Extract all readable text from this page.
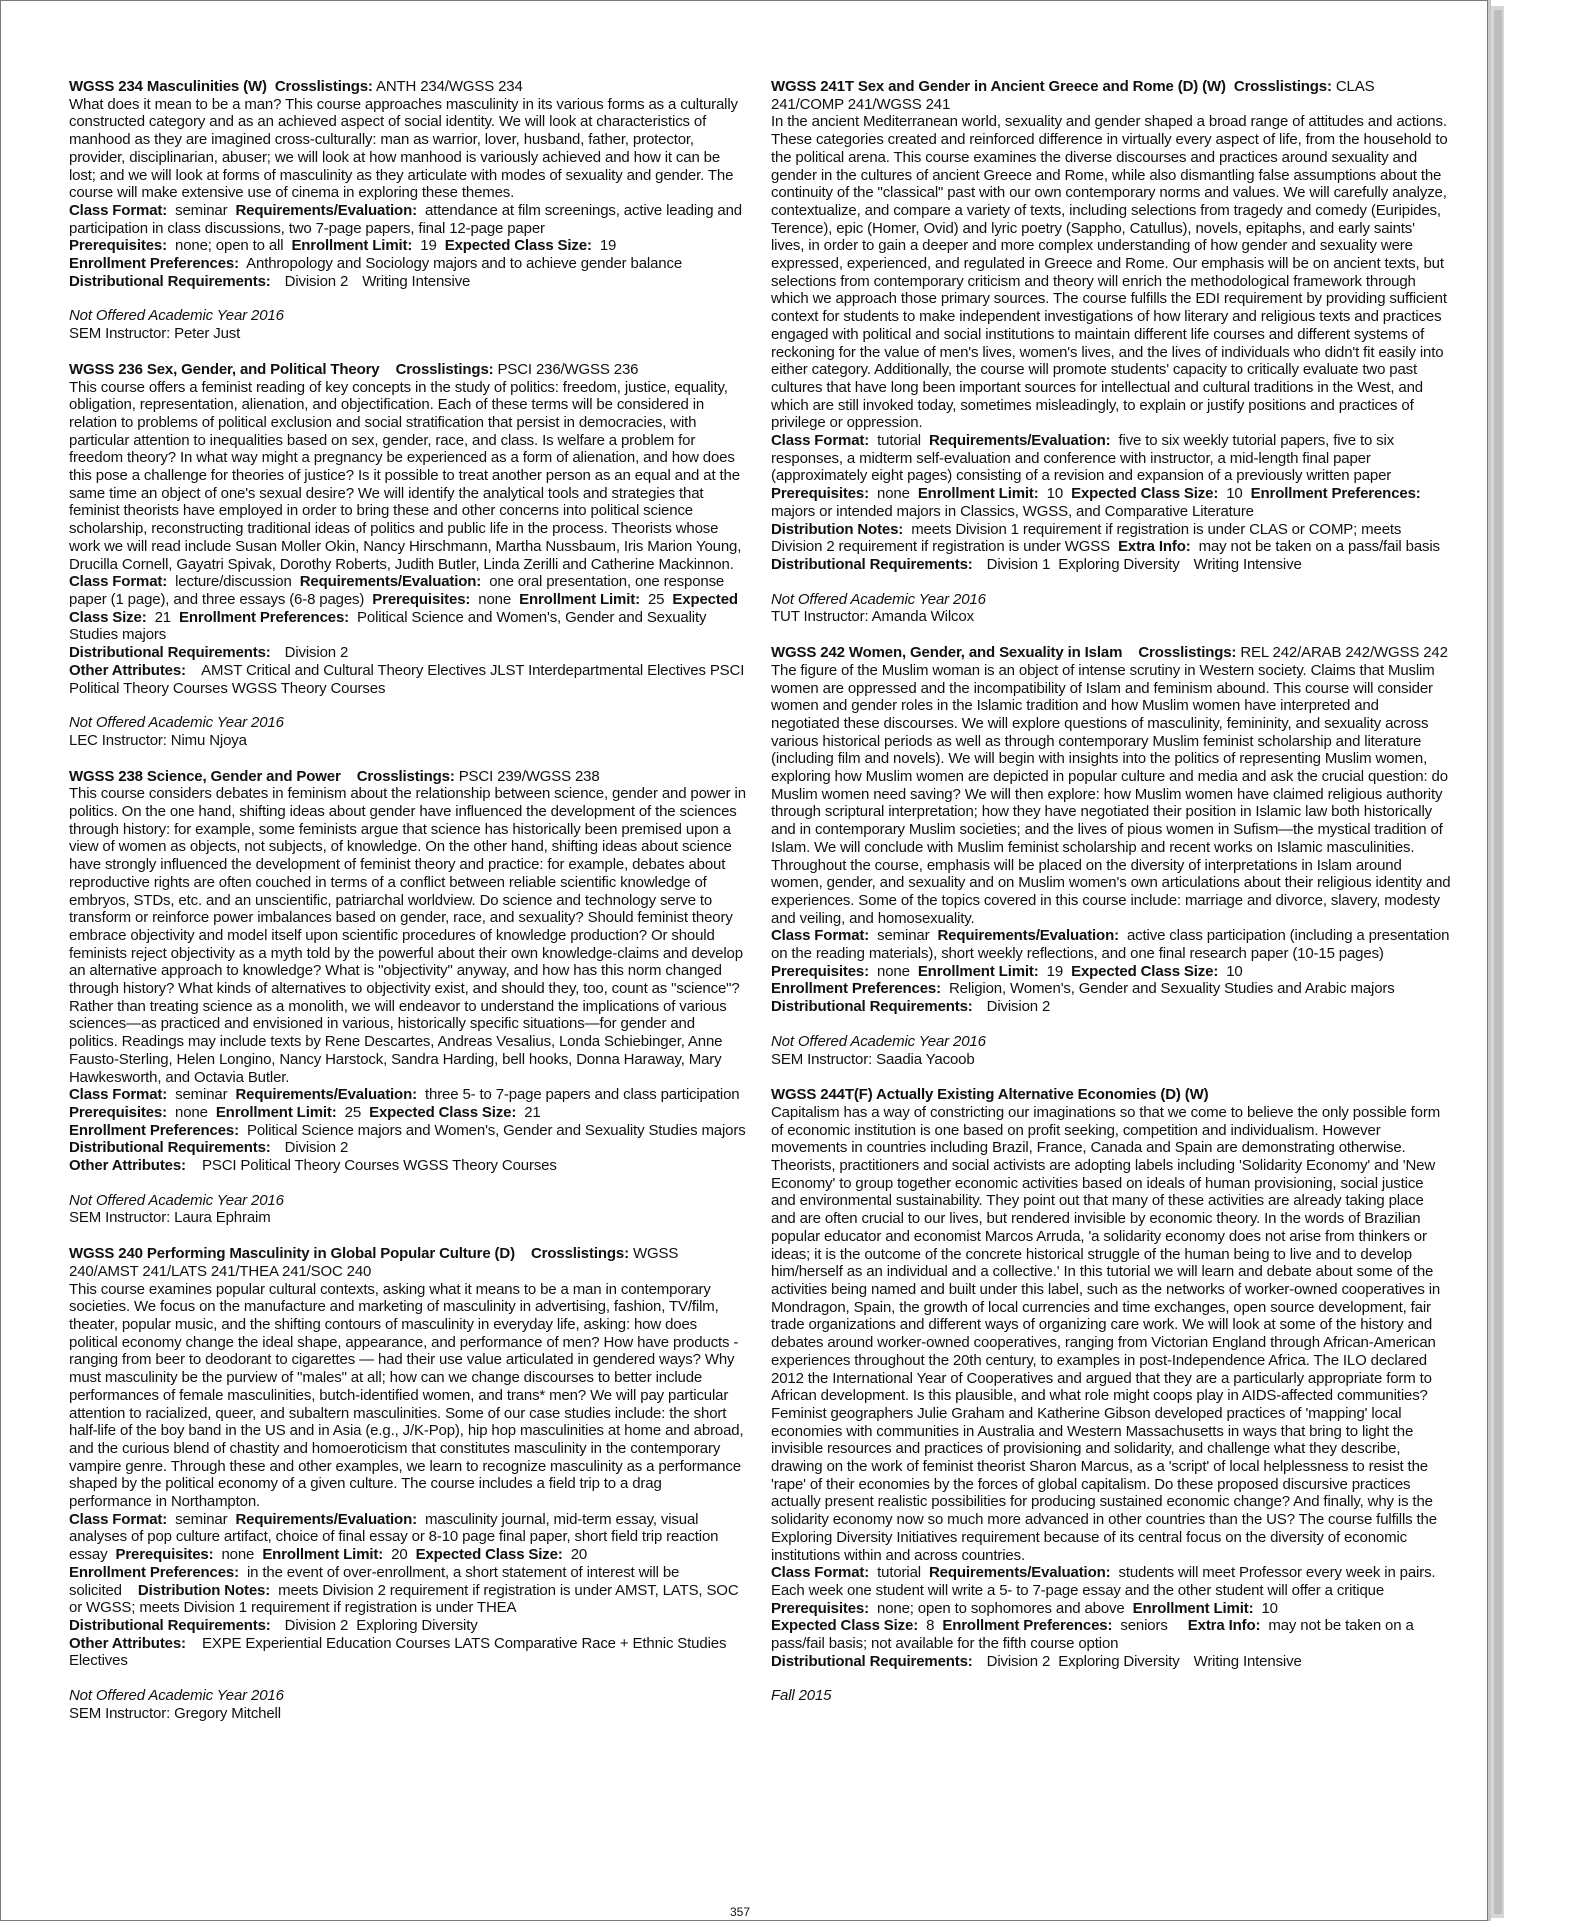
WGSS 234 Masculinities (W) Crosslistings: ANTH 234/WGSS 234
What does it mean to be a man? This course approaches masculinity in its various forms as a culturally constructed category and as an achieved aspect of social identity. We will look at characteristics of manhood as they are imagined cross-culturally: man as warrior, lover, husband, father, protector, provider, disciplinarian, abuser; we will look at how manhood is variously achieved and how it can be lost; and we will look at forms of masculinity as they articulate with modes of sexuality and gender. The course will make extensive use of cinema in exploring these themes.
Class Format: seminar Requirements/Evaluation: attendance at film screenings, active leading and participation in class discussions, two 7-page papers, final 12-page paper
Prerequisites: none; open to all Enrollment Limit: 19 Expected Class Size: 19
Enrollment Preferences: Anthropology and Sociology majors and to achieve gender balance
Distributional Requirements: Division 2 Writing Intensive
Not Offered Academic Year 2016
SEM Instructor: Peter Just
WGSS 236 Sex, Gender, and Political Theory Crosslistings: PSCI 236/WGSS 236
This course offers a feminist reading of key concepts in the study of politics: freedom, justice, equality, obligation, representation, alienation, and objectification. Each of these terms will be considered in relation to problems of political exclusion and social stratification that persist in democracies, with particular attention to inequalities based on sex, gender, race, and class. Is welfare a problem for freedom theory? In what way might a pregnancy be experienced as a form of alienation, and how does this pose a challenge for theories of justice? Is it possible to treat another person as an equal and at the same time an object of one's sexual desire? We will identify the analytical tools and strategies that feminist theorists have employed in order to bring these and other concerns into political science scholarship, reconstructing traditional ideas of politics and public life in the process. Theorists whose work we will read include Susan Moller Okin, Nancy Hirschmann, Martha Nussbaum, Iris Marion Young, Drucilla Cornell, Gayatri Spivak, Dorothy Roberts, Judith Butler, Linda Zerilli and Catherine Mackinnon.
Class Format: lecture/discussion Requirements/Evaluation: one oral presentation, one response paper (1 page), and three essays (6-8 pages) Prerequisites: none Enrollment Limit: 25 Expected Class Size: 21 Enrollment Preferences: Political Science and Women's, Gender and Sexuality Studies majors
Distributional Requirements: Division 2
Other Attributes: AMST Critical and Cultural Theory Electives JLST Interdepartmental Electives PSCI Political Theory Courses WGSS Theory Courses
Not Offered Academic Year 2016
LEC Instructor: Nimu Njoya
WGSS 238 Science, Gender and Power Crosslistings: PSCI 239/WGSS 238
This course considers debates in feminism about the relationship between science, gender and power in politics. On the one hand, shifting ideas about gender have influenced the development of the sciences through history: for example, some feminists argue that science has historically been premised upon a view of women as objects, not subjects, of knowledge. On the other hand, shifting ideas about science have strongly influenced the development of feminist theory and practice: for example, debates about reproductive rights are often couched in terms of a conflict between reliable scientific knowledge of embryos, STDs, etc. and an unscientific, patriarchal worldview. Do science and technology serve to transform or reinforce power imbalances based on gender, race, and sexuality? Should feminist theory embrace objectivity and model itself upon scientific procedures of knowledge production? Or should feminists reject objectivity as a myth told by the powerful about their own knowledge-claims and develop an alternative approach to knowledge? What is "objectivity" anyway, and how has this norm changed through history? What kinds of alternatives to objectivity exist, and should they, too, count as "science"? Rather than treating science as a monolith, we will endeavor to understand the implications of various sciences—as practiced and envisioned in various, historically specific situations—for gender and politics. Readings may include texts by Rene Descartes, Andreas Vesalius, Londa Schiebinger, Anne Fausto-Sterling, Helen Longino, Nancy Harstock, Sandra Harding, bell hooks, Donna Haraway, Mary Hawkesworth, and Octavia Butler.
Class Format: seminar Requirements/Evaluation: three 5- to 7-page papers and class participation  Prerequisites: none Enrollment Limit: 25 Expected Class Size: 21
Enrollment Preferences: Political Science majors and Women's, Gender and Sexuality Studies majors
Distributional Requirements: Division 2
Other Attributes: PSCI Political Theory Courses WGSS Theory Courses
Not Offered Academic Year 2016
SEM Instructor: Laura Ephraim
WGSS 240 Performing Masculinity in Global Popular Culture (D) Crosslistings: WGSS 240/AMST 241/LATS 241/THEA 241/SOC 240
This course examines popular cultural contexts, asking what it means to be a man in contemporary societies. We focus on the manufacture and marketing of masculinity in advertising, fashion, TV/film, theater, popular music, and the shifting contours of masculinity in everyday life, asking: how does political economy change the ideal shape, appearance, and performance of men? How have products - ranging from beer to deodorant to cigarettes — had their use value articulated in gendered ways? Why must masculinity be the purview of "males" at all; how can we change discourses to better include performances of female masculinities, butch-identified women, and trans* men? We will pay particular attention to racialized, queer, and subaltern masculinities. Some of our case studies include: the short half-life of the boy band in the US and in Asia (e.g., J/K-Pop), hip hop masculinities at home and abroad, and the curious blend of chastity and homoeroticism that constitutes masculinity in the contemporary vampire genre. Through these and other examples, we learn to recognize masculinity as a performance shaped by the political economy of a given culture. The course includes a field trip to a drag performance in Northampton.
Class Format: seminar Requirements/Evaluation: masculinity journal, mid-term essay, visual analyses of pop culture artifact, choice of final essay or 8-10 page final paper, short field trip reaction essay Prerequisites: none Enrollment Limit: 20 Expected Class Size: 20
Enrollment Preferences: in the event of over-enrollment, a short statement of interest will be solicited Distribution Notes: meets Division 2 requirement if registration is under AMST, LATS, SOC or WGSS; meets Division 1 requirement if registration is under THEA
Distributional Requirements: Division 2 Exploring Diversity
Other Attributes: EXPE Experiential Education Courses LATS Comparative Race + Ethnic Studies Electives
Not Offered Academic Year 2016
SEM Instructor: Gregory Mitchell
WGSS 241T Sex and Gender in Ancient Greece and Rome (D) (W) Crosslistings: CLAS 241/COMP 241/WGSS 241
In the ancient Mediterranean world, sexuality and gender shaped a broad range of attitudes and actions. These categories created and reinforced difference in virtually every aspect of life, from the household to the political arena. This course examines the diverse discourses and practices around sexuality and gender in the cultures of ancient Greece and Rome, while also dismantling false assumptions about the continuity of the "classical" past with our own contemporary norms and values. We will carefully analyze, contextualize, and compare a variety of texts, including selections from tragedy and comedy (Euripides, Terence), epic (Homer, Ovid) and lyric poetry (Sappho, Catullus), novels, epitaphs, and early saints' lives, in order to gain a deeper and more complex understanding of how gender and sexuality were expressed, experienced, and regulated in Greece and Rome. Our emphasis will be on ancient texts, but selections from contemporary criticism and theory will enrich the methodological framework through which we approach those primary sources. The course fulfills the EDI requirement by providing sufficient context for students to make independent investigations of how literary and religious texts and practices engaged with political and social institutions to maintain different life courses and different systems of reckoning for the value of men's lives, women's lives, and the lives of individuals who didn't fit easily into either category. Additionally, the course will promote students' capacity to critically evaluate two past cultures that have long been important sources for intellectual and cultural traditions in the West, and which are still invoked today, sometimes misleadingly, to explain or justify positions and practices of privilege or oppression.
Class Format: tutorial Requirements/Evaluation: five to six weekly tutorial papers, five to six responses, a midterm self-evaluation and conference with instructor, a mid-length final paper (approximately eight pages) consisting of a revision and expansion of a previously written paper
Prerequisites: none Enrollment Limit: 10 Expected Class Size: 10 Enrollment Preferences:  majors or intended majors in Classics, WGSS, and Comparative Literature
Distribution Notes: meets Division 1 requirement if registration is under CLAS or COMP; meets Division 2 requirement if registration is under WGSS Extra Info: may not be taken on a pass/fail basis
Distributional Requirements: Division 1 Exploring Diversity Writing Intensive
Not Offered Academic Year 2016
TUT Instructor: Amanda Wilcox
WGSS 242 Women, Gender, and Sexuality in Islam Crosslistings: REL 242/ARAB 242/WGSS 242
The figure of the Muslim woman is an object of intense scrutiny in Western society. Claims that Muslim women are oppressed and the incompatibility of Islam and feminism abound. This course will consider women and gender roles in the Islamic tradition and how Muslim women have interpreted and negotiated these discourses. We will explore questions of masculinity, femininity, and sexuality across various historical periods as well as through contemporary Muslim feminist scholarship and literature (including film and novels). We will begin with insights into the politics of representing Muslim women, exploring how Muslim women are depicted in popular culture and media and ask the crucial question: do Muslim women need saving? We will then explore: how Muslim women have claimed religious authority through scriptural interpretation; how they have negotiated their position in Islamic law both historically and in contemporary Muslim societies; and the lives of pious women in Sufism—the mystical tradition of Islam. We will conclude with Muslim feminist scholarship and recent works on Islamic masculinities. Throughout the course, emphasis will be placed on the diversity of interpretations in Islam around women, gender, and sexuality and on Muslim women's own articulations about their religious identity and experiences. Some of the topics covered in this course include: marriage and divorce, slavery, modesty and veiling, and homosexuality.
Class Format: seminar Requirements/Evaluation: active class participation (including a presentation on the reading materials), short weekly reflections, and one final research paper (10-15 pages)  Prerequisites: none Enrollment Limit: 19 Expected Class Size: 10
Enrollment Preferences: Religion, Women's, Gender and Sexuality Studies and Arabic majors
Distributional Requirements: Division 2
Not Offered Academic Year 2016
SEM Instructor: Saadia Yacoob
WGSS 244T(F) Actually Existing Alternative Economies (D) (W)
Capitalism has a way of constricting our imaginations so that we come to believe the only possible form of economic institution is one based on profit seeking, competition and individualism. However movements in countries including Brazil, France, Canada and Spain are demonstrating otherwise. Theorists, practitioners and social activists are adopting labels including 'Solidarity Economy' and 'New Economy' to group together economic activities based on ideals of human provisioning, social justice and environmental sustainability. They point out that many of these activities are already taking place and are often crucial to our lives, but rendered invisible by economic theory. In the words of Brazilian popular educator and economist Marcos Arruda, 'a solidarity economy does not arise from thinkers or ideas; it is the outcome of the concrete historical struggle of the human being to live and to develop him/herself as an individual and a collective.' In this tutorial we will learn and debate about some of the activities being named and built under this label, such as the networks of worker-owned cooperatives in Mondragon, Spain, the growth of local currencies and time exchanges, open source development, fair trade organizations and different ways of organizing care work. We will look at some of the history and debates around worker-owned cooperatives, ranging from Victorian England through African-American experiences throughout the 20th century, to examples in post-Independence Africa. The ILO declared 2012 the International Year of Cooperatives and argued that they are a particularly appropriate form to African development. Is this plausible, and what role might coops play in AIDS-affected communities? Feminist geographers Julie Graham and Katherine Gibson developed practices of 'mapping' local economies with communities in Australia and Western Massachusetts in ways that bring to light the invisible resources and practices of provisioning and solidarity, and challenge what they describe, drawing on the work of feminist theorist Sharon Marcus, as a 'script' of local helplessness to resist the 'rape' of their economies by the forces of global capitalism. Do these proposed discursive practices actually present realistic possibilities for producing sustained economic change? And finally, why is the solidarity economy now so much more advanced in other countries than the US? The course fulfills the Exploring Diversity Initiatives requirement because of its central focus on the diversity of economic institutions within and across countries.
Class Format: tutorial Requirements/Evaluation: students will meet Professor every week in pairs. Each week one student will write a 5- to 7-page essay and the other student will offer a critique  Prerequisites: none; open to sophomores and above Enrollment Limit: 10
Expected Class Size: 8 Enrollment Preferences: seniors Extra Info: may not be taken on a pass/fail basis; not available for the fifth course option
Distributional Requirements: Division 2 Exploring Diversity Writing Intensive
Fall 2015
357
